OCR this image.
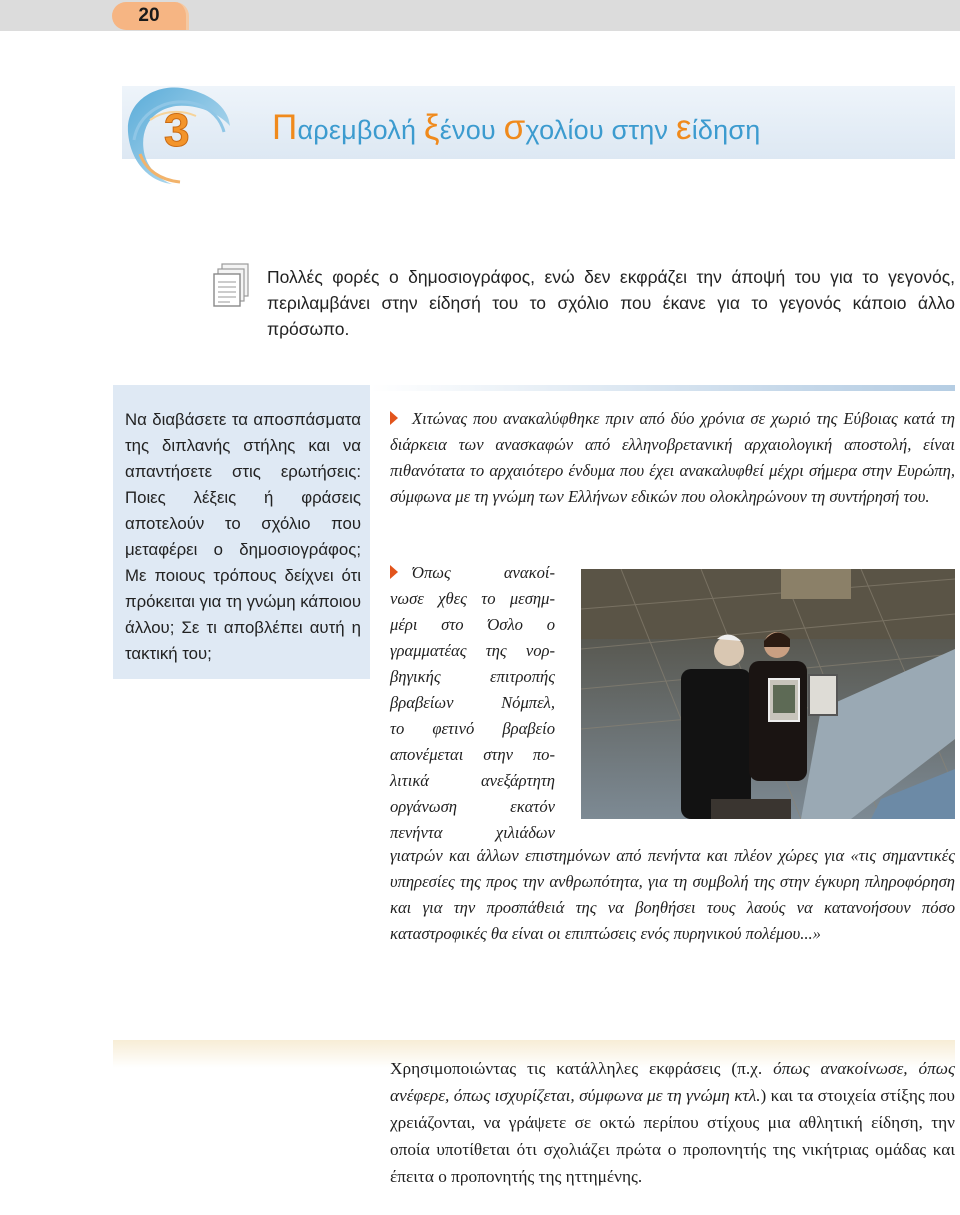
20
3 Παρεμβολή ξένου σχολίου στην είδηση
Πολλές φορές ο δημοσιογράφος, ενώ δεν εκφράζει την άποψή του για το γεγονός, περιλαμβάνει στην είδησή του το σχόλιο που έκανε για το γεγονός κάποιο άλλο πρόσωπο.
Να διαβάσετε τα αποσπάσματα της διπλανής στήλης και να απαντήσετε στις ερωτήσεις: Ποιες λέξεις ή φράσεις αποτελούν το σχόλιο που μεταφέρει ο δημοσιογράφος; Με ποιους τρόπους δείχνει ότι πρόκειται για τη γνώμη κάποιου άλλου; Σε τι αποβλέπει αυτή η τακτική του;
Χιτώνας που ανακαλύφθηκε πριν από δύο χρόνια σε χωριό της Εύβοιας κατά τη διάρκεια των ανασκαφών από ελληνοβρετανική αρχαιολογική αποστολή, είναι πιθανότατα το αρχαιότερο ένδυμα που έχει ανακαλυφθεί μέχρι σήμερα στην Ευρώπη, σύμφωνα με τη γνώμη των Ελλήνων εδικών που ολοκληρώνουν τη συντήρησή του.
Όπως ανακοί-
νωσε χθες το μεσημ-
μέρι στο Όσλο ο
γραμματέας της νορ-
βηγικής επιτροπής
βραβείων Νόμπελ,
το φετινό βραβείο
απονέμεται στην πο-
λιτικά ανεξάρτητη
οργάνωση εκατόν
πενήντα χιλιάδων
γιατρών και άλλων επιστημόνων από πενήντα και πλέον χώρες για «τις σημαντικές υπηρεσίες της προς την ανθρωπότητα, για τη συμβολή της στην έγκυρη πληροφόρηση και για την προσπάθειά της να βοηθήσει τους λαούς να κατανοήσουν πόσο καταστροφικές θα είναι οι επιπτώσεις ενός πυρηνικού πολέμου...»
Χρησιμοποιώντας τις κατάλληλες εκφράσεις (π.χ. όπως ανακοίνωσε, όπως ανέφερε, όπως ισχυρίζεται, σύμφωνα με τη γνώμη κτλ.) και τα στοιχεία στίξης που χρειάζονται, να γράψετε σε οκτώ περίπου στίχους μια αθλητική είδηση, την οποία υποτίθεται ότι σχολιάζει πρώτα ο προπονητής της νικήτριας ομάδας και έπειτα ο προπονητής της ηττημένης.
